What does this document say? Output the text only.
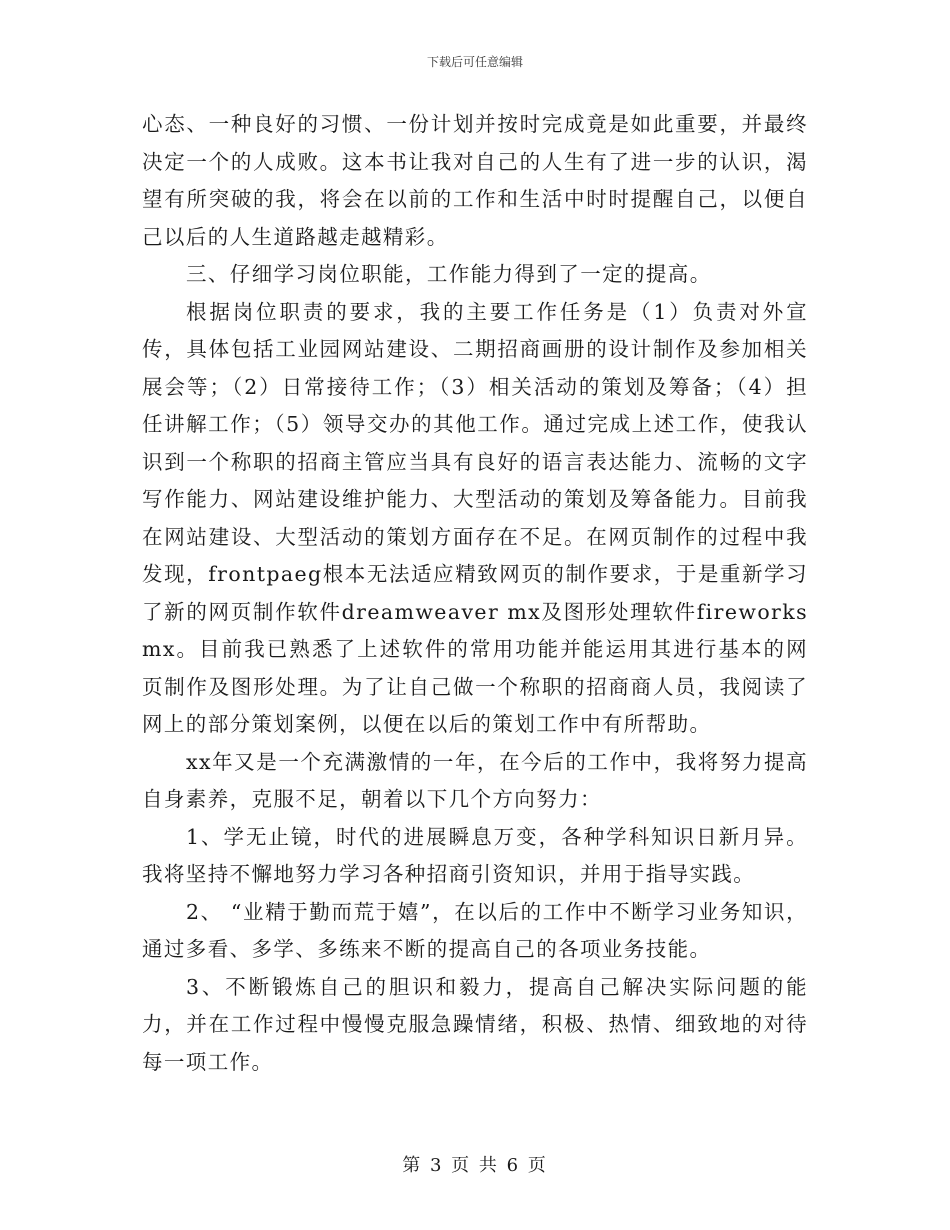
下载后可任意编辑

心态、一种良好的习惯、一份计划并按时完成竟是如此重要，并最终决定一个的人成败。这本书让我对自己的人生有了进一步的认识，渴望有所突破的我，将会在以前的工作和生活中时时提醒自己，以便自己以后的人生道路越走越精彩。

三、仔细学习岗位职能，工作能力得到了一定的提高。

根据岗位职责的要求，我的主要工作任务是（1）负责对外宣传，具体包括工业园网站建设、二期招商画册的设计制作及参加相关展会等；（2）日常接待工作；（3）相关活动的策划及筹备；（4）担任讲解工作；（5）领导交办的其他工作。通过完成上述工作，使我认识到一个称职的招商主管应当具有良好的语言表达能力、流畅的文字写作能力、网站建设维护能力、大型活动的策划及筹备能力。目前我在网站建设、大型活动的策划方面存在不足。在网页制作的过程中我发现，frontpaeg根本无法适应精致网页的制作要求，于是重新学习了新的网页制作软件dreamweaver mx及图形处理软件fireworks mx。目前我已熟悉了上述软件的常用功能并能运用其进行基本的网页制作及图形处理。为了让自己做一个称职的招商商人员，我阅读了网上的部分策划案例，以便在以后的策划工作中有所帮助。

xx年又是一个充满激情的一年，在今后的工作中，我将努力提高自身素养，克服不足，朝着以下几个方向努力：

1、学无止镜，时代的进展瞬息万变，各种学科知识日新月异。我将坚持不懈地努力学习各种招商引资知识，并用于指导实践。

2、 “业精于勤而荒于嬉”，在以后的工作中不断学习业务知识，通过多看、多学、多练来不断的提高自己的各项业务技能。

3、不断锻炼自己的胆识和毅力，提高自己解决实际问题的能力，并在工作过程中慢慢克服急躁情绪，积极、热情、细致地的对待每一项工作。

第 3 页 共 6 页
